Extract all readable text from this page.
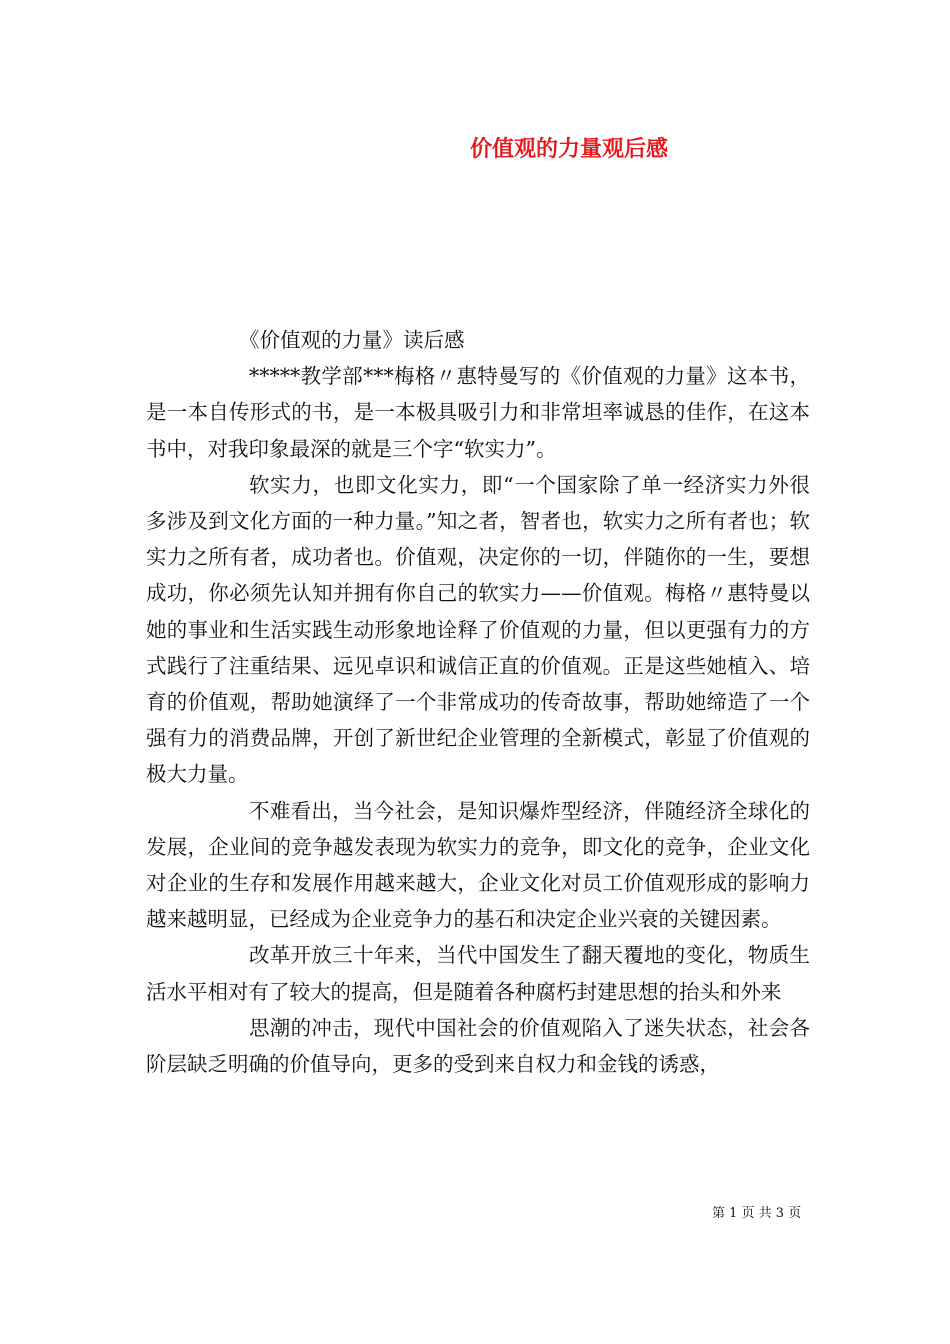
价值观的力量观后感

《价值观的力量》读后感

*****教学部***梅格〃惠特曼写的《价值观的力量》这本书，是一本自传形式的书，是一本极具吸引力和非常坦率诚恳的佳作，在这本书中，对我印象最深的就是三个字“软实力”。

软实力，也即文化实力，即“一个国家除了单一经济实力外很多涉及到文化方面的一种力量。”知之者，智者也，软实力之所有者也；软实力之所有者，成功者也。价值观，决定你的一切，伴随你的一生，要想成功，你必须先认知并拥有你自己的软实力——价值观。梅格〃惠特曼以她的事业和生活实践生动形象地诠释了价值观的力量，但以更强有力的方式践行了注重结果、远见卓识和诚信正直的价值观。正是这些她植入、培育的价值观，帮助她演绎了一个非常成功的传奇故事，帮助她缔造了一个强有力的消费品牌，开创了新世纪企业管理的全新模式，彰显了价值观的极大力量。

不难看出，当今社会，是知识爆炸型经济，伴随经济全球化的发展，企业间的竞争越发表现为软实力的竞争，即文化的竞争，企业文化对企业的生存和发展作用越来越大，企业文化对员工价值观形成的影响力越来越明显，已经成为企业竞争力的基石和决定企业兴衰的关键因素。

改革开放三十年来，当代中国发生了翻天覆地的变化，物质生活水平相对有了较大的提高，但是随着各种腐朽封建思想的抬头和外来

思潮的冲击，现代中国社会的价值观陷入了迷失状态，社会各阶层缺乏明确的价值导向，更多的受到来自权力和金钱的诱惑，

第 1 页 共 3 页
